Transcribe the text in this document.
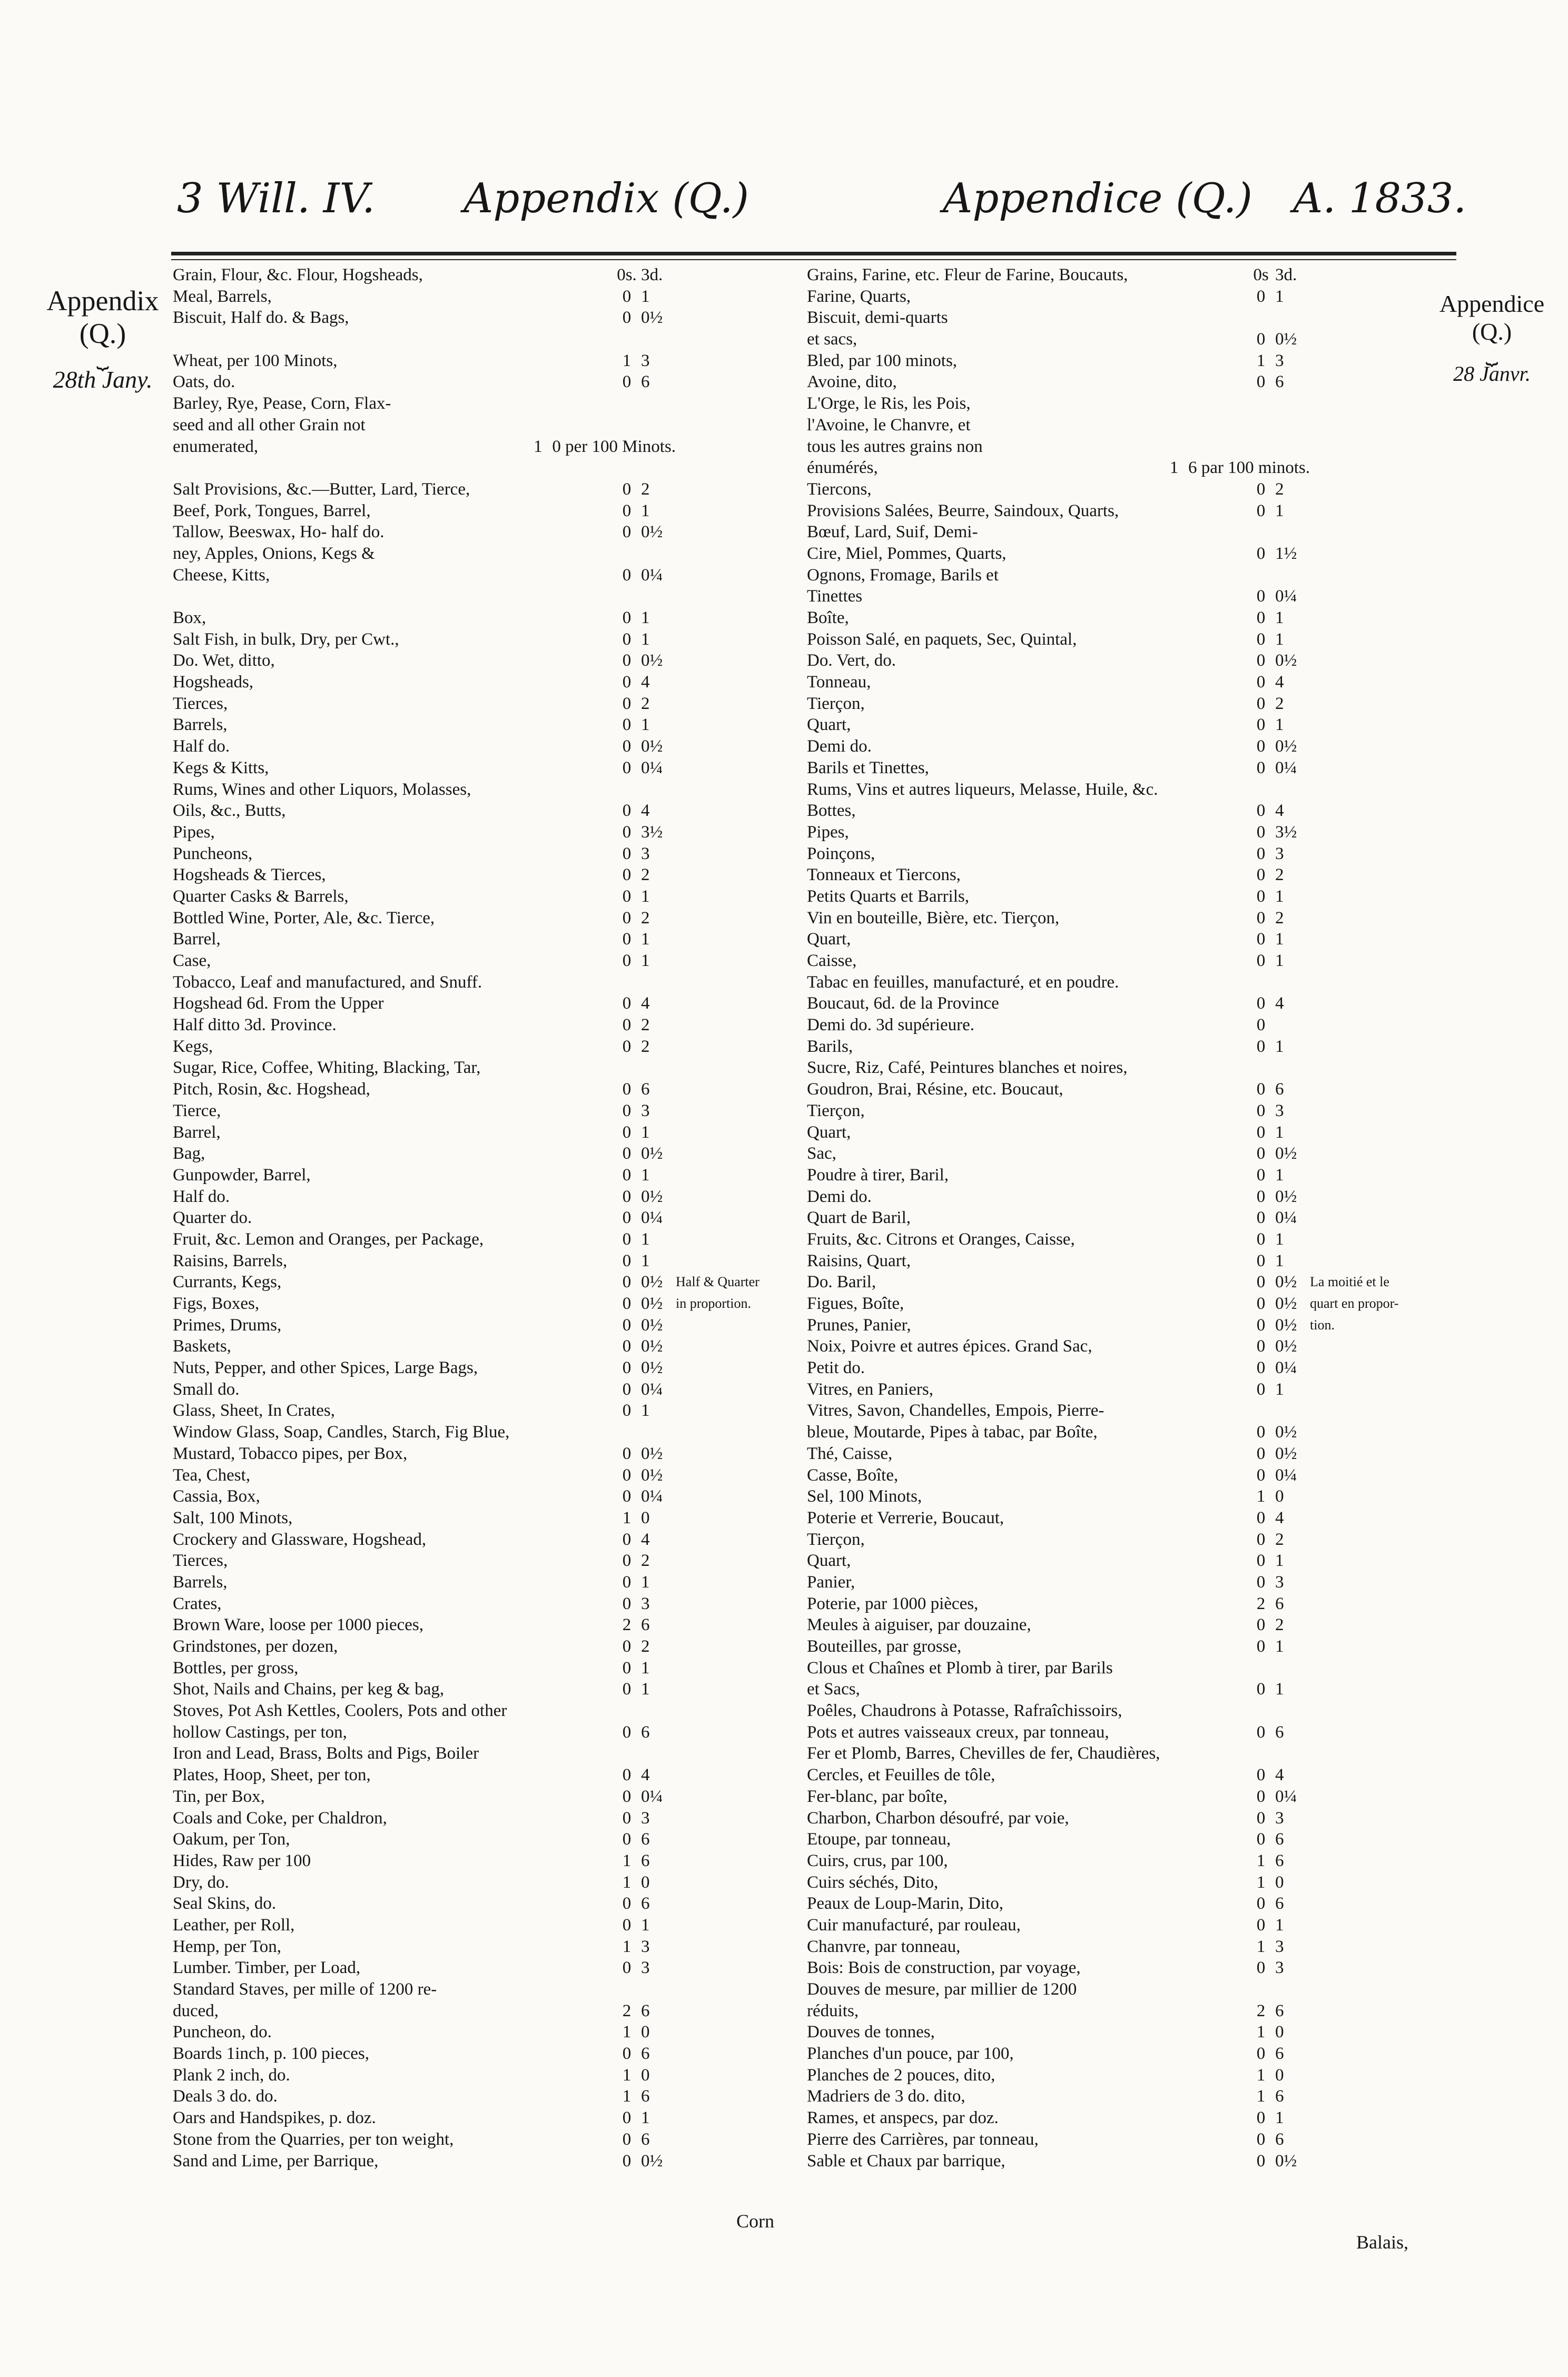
3 Will. IV. Appendix (Q.)	Appendice (Q.) A. 1833.
Appendix
(Q.)
⏟
28th Jany.
Appendice
(Q.)
⏟
28 Janvr.
Grain, Flour, &c. Flour, Hogsheads,	0s. 3d.
Meal, Barrels,	0 1
Biscuit, Half do. & Bags,	0 0½
Wheat, per 100 Minots,	1 3
Oats, do.	0 6
Barley, Rye, Pease, Corn, Flax-
seed and all other Grain not
enumerated,	1 0 per 100 Minots.
Salt Provisions, &c.—Butter, Lard, Tierce,	0 2
Beef, Pork, Tongues, Barrel,	0 1
Tallow, Beeswax, Ho- half do.	0 0½
ney, Apples, Onions, Kegs &
Cheese, Kitts,	0 0¼
Box,	0 1
Salt Fish, in bulk, Dry, per Cwt.,	0 1
Do. Wet, ditto,	0 0½
Hogsheads,	0 4
Tierces,	0 2
Barrels,	0 1
Half do.	0 0½
Kegs & Kitts,	0 0¼
Rums, Wines and other Liquors, Molasses,
Oils, &c., Butts,	0 4
Pipes,	0 3½
Puncheons,	0 3
Hogsheads & Tierces,	0 2
Quarter Casks & Barrels,	0 1
Bottled Wine, Porter, Ale, &c. Tierce,	0 2
Barrel,	0 1
Case,	0 1
Tobacco, Leaf and manufactured, and Snuff.
Hogshead 6d. From the Upper	0 4
Half ditto 3d. Province.	0 2
Kegs,	0 2
Sugar, Rice, Coffee, Whiting, Blacking, Tar,
Pitch, Rosin, &c. Hogshead,	0 6
Tierce,	0 3
Barrel,	0 1
Bag,	0 0½
Gunpowder, Barrel,	0 1
Half do.	0 0½
Quarter do.	0 0¼
Fruit, &c. Lemon and Oranges, per Package,	0 1
Raisins, Barrels,	0 1
Currants, Kegs,	0 0½ Half & Quarter
Figs, Boxes,	0 0½ in proportion.
Primes, Drums,	0 0½
Baskets,	0 0½
Nuts, Pepper, and other Spices, Large Bags,	0 0½
Small do.	0 0¼
Glass, Sheet, In Crates,	0 1
Window Glass, Soap, Candles, Starch, Fig Blue,
Mustard, Tobacco pipes, per Box,	0 0½
Tea, Chest,	0 0½
Cassia, Box,	0 0¼
Salt, 100 Minots,	1 0
Crockery and Glassware, Hogshead,	0 4
Tierces,	0 2
Barrels,	0 1
Crates,	0 3
Brown Ware, loose per 1000 pieces,	2 6
Grindstones, per dozen,	0 2
Bottles, per gross,	0 1
Shot, Nails and Chains, per keg & bag,	0 1
Stoves, Pot Ash Kettles, Coolers, Pots and other
hollow Castings, per ton,	0 6
Iron and Lead, Brass, Bolts and Pigs, Boiler
Plates, Hoop, Sheet, per ton,	0 4
Tin, per Box,	0 0¼
Coals and Coke, per Chaldron,	0 3
Oakum, per Ton,	0 6
Hides, Raw per 100	1 6
Dry, do.	1 0
Seal Skins, do.	0 6
Leather, per Roll,	0 1
Hemp, per Ton,	1 3
Lumber. Timber, per Load,	0 3
Standard Staves, per mille of 1200 re-
duced,	2 6
Puncheon, do.	1 0
Boards 1inch, p. 100 pieces,	0 6
Plank 2 inch, do.	1 0
Deals 3 do. do.	1 6
Oars and Handspikes, p. doz.	0 1
Stone from the Quarries, per ton weight,	0 6
Sand and Lime, per Barrique,	0 0½
Grains, Farine, etc. Fleur de Farine, Boucauts,	0s 3d.
Farine, Quarts,	0 1
Biscuit, demi-quarts
et sacs,	0 0½
Bled, par 100 minots,	1 3
Avoine, dito,	0 6
L'Orge, le Ris, les Pois,
l'Avoine, le Chanvre, et
tous les autres grains non
énumérés,	1 6 par 100 minots.
Tiercons,	0 2
Provisions Salées, Beurre, Saindoux, Quarts,	0 1
Bœuf, Lard, Suif, Demi-
Cire, Miel, Pommes, Quarts,	0 1½
Ognons, Fromage, Barils et
Tinettes	0 0¼
Boîte,	0 1
Poisson Salé, en paquets, Sec, Quintal,	0 1
Do. Vert, do.	0 0½
Tonneau,	0 4
Tierçon,	0 2
Quart,	0 1
Demi do.	0 0½
Barils et Tinettes,	0 0¼
Rums, Vins et autres liqueurs, Melasse, Huile, &c.
Bottes,	0 4
Pipes,	0 3½
Poinçons,	0 3
Tonneaux et Tiercons,	0 2
Petits Quarts et Barrils,	0 1
Vin en bouteille, Bière, etc. Tierçon,	0 2
Quart,	0 1
Caisse,	0 1
Tabac en feuilles, manufacturé, et en poudre.
Boucaut, 6d. de la Province	0 4
Demi do. 3d supérieure.	0
Barils,	0 1
Sucre, Riz, Café, Peintures blanches et noires,
Goudron, Brai, Résine, etc. Boucaut,	0 6
Tierçon,	0 3
Quart,	0 1
Sac,	0 0½
Poudre à tirer, Baril,	0 1
Demi do.	0 0½
Quart de Baril,	0 0¼
Fruits, &c. Citrons et Oranges, Caisse,	0 1
Raisins, Quart,	0 1
Do. Baril,	0 0½ La moitié et le
Figues, Boîte,	0 0½ quart en propor-
Prunes, Panier,	0 0½ tion.
Noix, Poivre et autres épices. Grand Sac,	0 0½
Petit do.	0 0¼
Vitres, en Paniers,	0 1
Vitres, Savon, Chandelles, Empois, Pierre-
bleue, Moutarde, Pipes à tabac, par Boîte,	0 0½
Thé, Caisse,	0 0½
Casse, Boîte,	0 0¼
Sel, 100 Minots,	1 0
Poterie et Verrerie, Boucaut,	0 4
Tierçon,	0 2
Quart,	0 1
Panier,	0 3
Poterie, par 1000 pièces,	2 6
Meules à aiguiser, par douzaine,	0 2
Bouteilles, par grosse,	0 1
Clous et Chaînes et Plomb à tirer, par Barils
et Sacs,	0 1
Poêles, Chaudrons à Potasse, Rafraîchissoirs,
Pots et autres vaisseaux creux, par tonneau,	0 6
Fer et Plomb, Barres, Chevilles de fer, Chaudières,
Cercles, et Feuilles de tôle,	0 4
Fer-blanc, par boîte,	0 0¼
Charbon, Charbon désoufré, par voie,	0 3
Etoupe, par tonneau,	0 6
Cuirs, crus, par 100,	1 6
Cuirs séchés, Dito,	1 0
Peaux de Loup-Marin, Dito,	0 6
Cuir manufacturé, par rouleau,	0 1
Chanvre, par tonneau,	1 3
Bois: Bois de construction, par voyage,	0 3
Douves de mesure, par millier de 1200
réduits,	2 6
Douves de tonnes,	1 0
Planches d'un pouce, par 100,	0 6
Planches de 2 pouces, dito,	1 0
Madriers de 3 do. dito,	1 6
Rames, et anspecs, par doz.	0 1
Pierre des Carrières, par tonneau,	0 6
Sable et Chaux par barrique,	0 0½
Corn
Balais,
